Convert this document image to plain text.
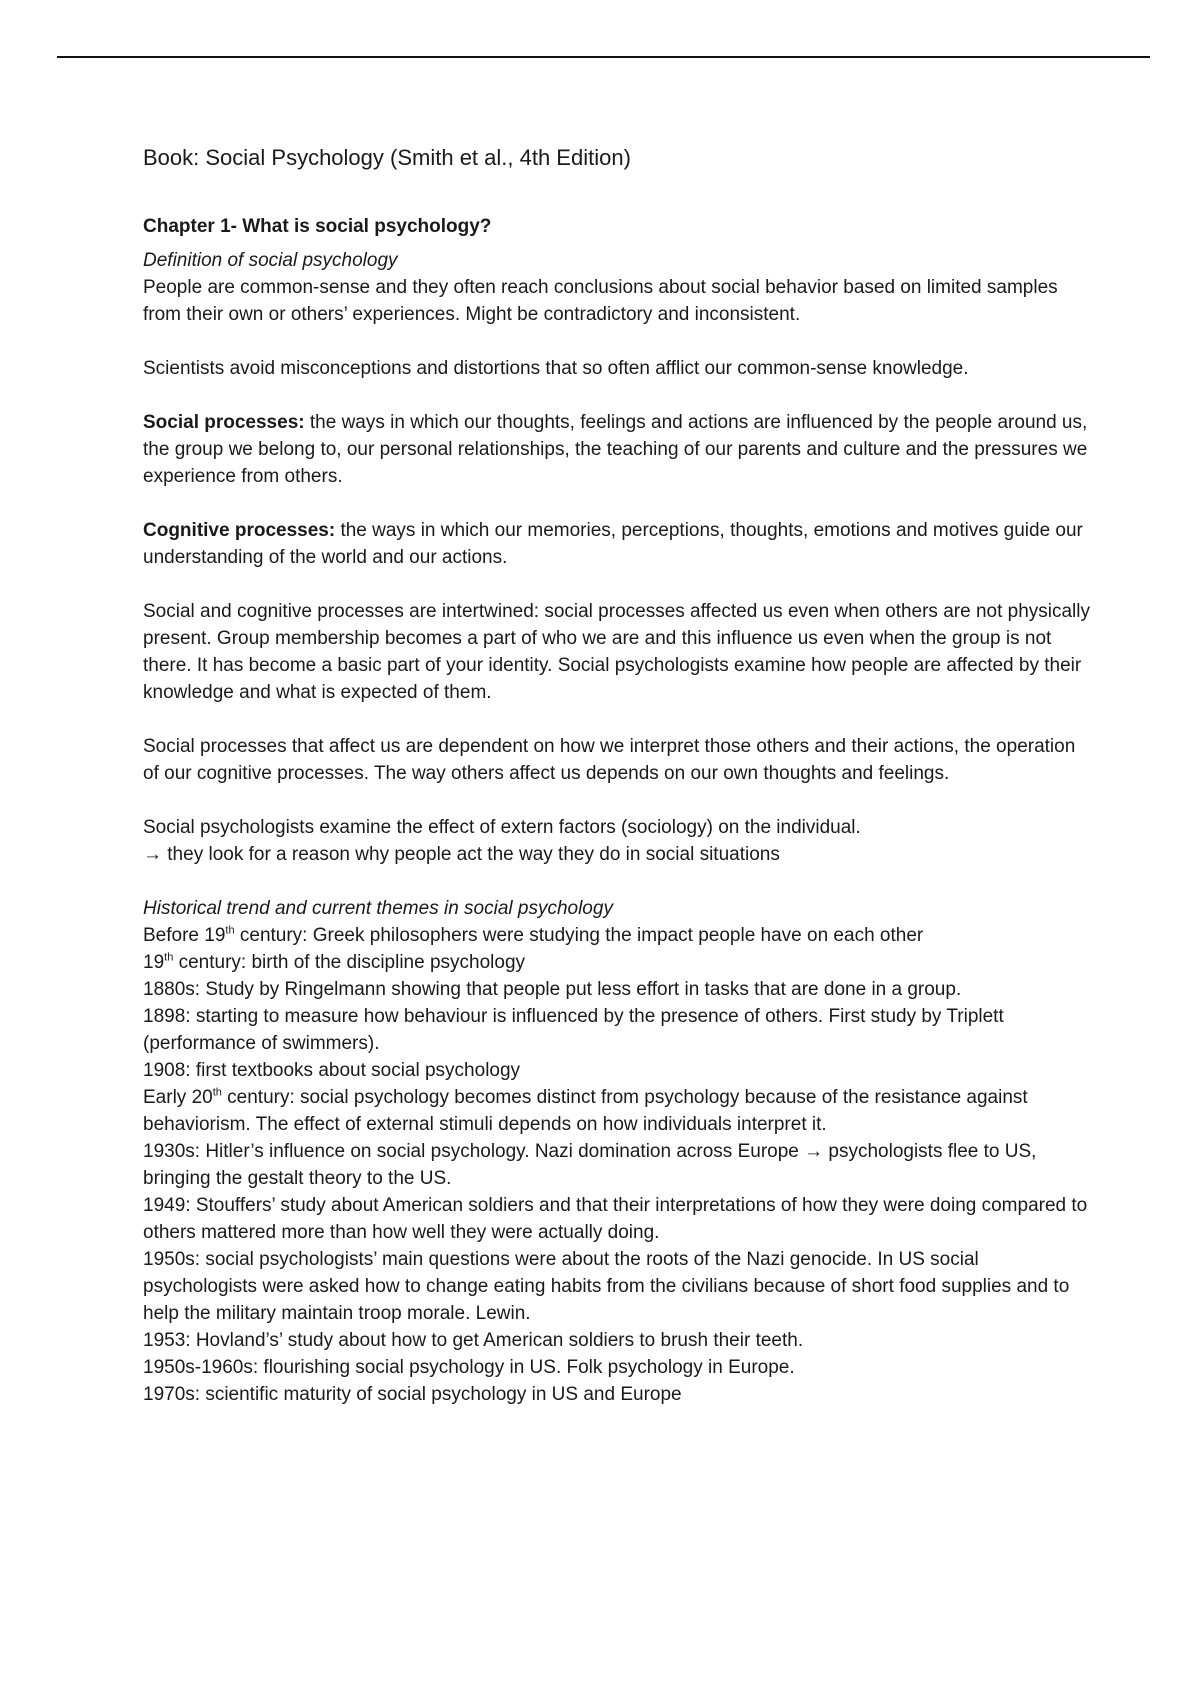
Book: Social Psychology (Smith et al., 4th Edition)

Chapter 1- What is social psychology?

Definition of social psychology

People are common-sense and they often reach conclusions about social behavior based on limited samples from their own or others’ experiences. Might be contradictory and inconsistent.

Scientists avoid misconceptions and distortions that so often afflict our common-sense knowledge.

Social processes: the ways in which our thoughts, feelings and actions are influenced by the people around us, the group we belong to, our personal relationships, the teaching of our parents and culture and the pressures we experience from others.

Cognitive processes: the ways in which our memories, perceptions, thoughts, emotions and motives guide our understanding of the world and our actions.

Social and cognitive processes are intertwined: social processes affected us even when others are not physically present. Group membership becomes a part of who we are and this influence us even when the group is not there. It has become a basic part of your identity. Social psychologists examine how people are affected by their knowledge and what is expected of them.

Social processes that affect us are dependent on how we interpret those others and their actions, the operation of our cognitive processes. The way others affect us depends on our own thoughts and feelings.

Social psychologists examine the effect of extern factors (sociology) on the individual.

→ they look for a reason why people act the way they do in social situations

Historical trend and current themes in social psychology

Before 19th century: Greek philosophers were studying the impact people have on each other
19th century: birth of the discipline psychology
1880s: Study by Ringelmann showing that people put less effort in tasks that are done in a group.
1898: starting to measure how behaviour is influenced by the presence of others. First study by Triplett (performance of swimmers).
1908: first textbooks about social psychology
Early 20th century: social psychology becomes distinct from psychology because of the resistance against behaviorism. The effect of external stimuli depends on how individuals interpret it.
1930s: Hitler’s influence on social psychology. Nazi domination across Europe → psychologists flee to US, bringing the gestalt theory to the US.
1949: Stouffers’ study about American soldiers and that their interpretations of how they were doing compared to others mattered more than how well they were actually doing.
1950s: social psychologists’ main questions were about the roots of the Nazi genocide. In US social psychologists were asked how to change eating habits from the civilians because of short food supplies and to help the military maintain troop morale. Lewin.
1953: Hovland’s’ study about how to get American soldiers to brush their teeth.
1950s-1960s: flourishing social psychology in US. Folk psychology in Europe.
1970s: scientific maturity of social psychology in US and Europe
